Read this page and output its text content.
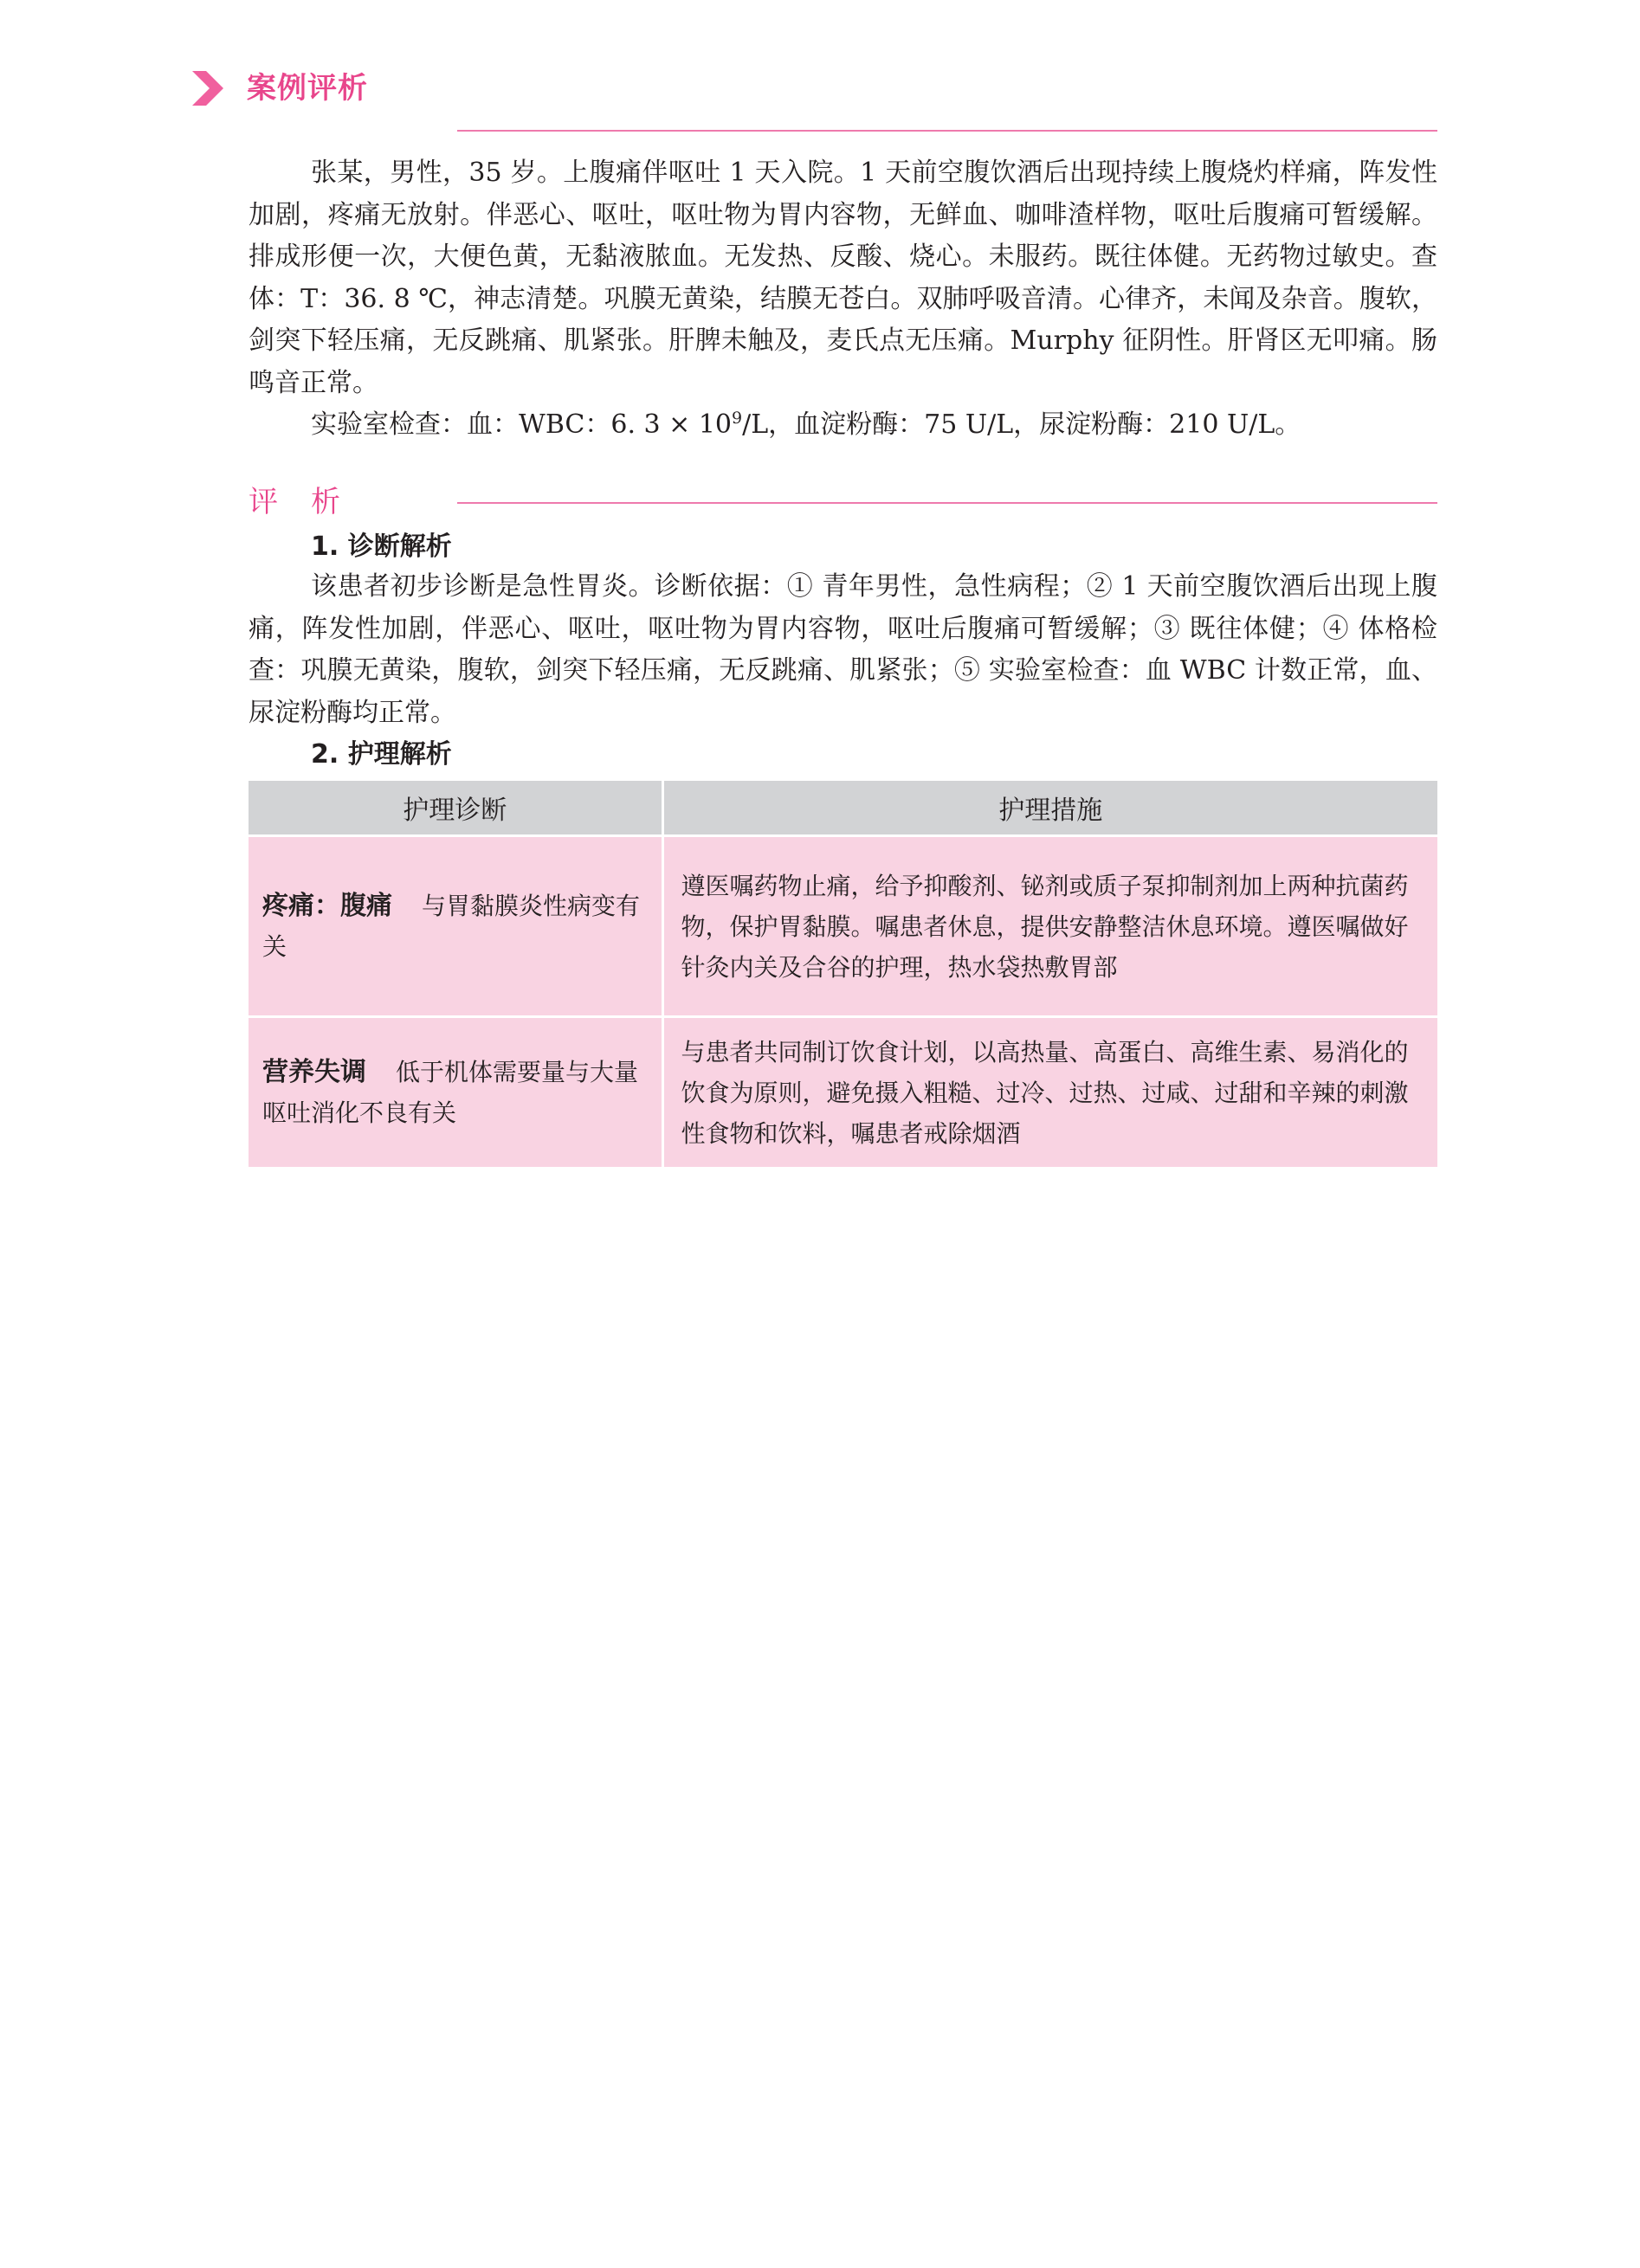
案例评析

张某，男性，35 岁。上腹痛伴呕吐 1 天入院。1 天前空腹饮酒后出现持续上腹烧灼样痛，阵发性加剧，疼痛无放射。伴恶心、呕吐，呕吐物为胃内容物，无鲜血、咖啡渣样物，呕吐后腹痛可暂缓解。排成形便一次，大便色黄，无黏液脓血。无发热、反酸、烧心。未服药。既往体健。无药物过敏史。查体：T：36. 8 ℃，神志清楚。巩膜无黄染，结膜无苍白。双肺呼吸音清。心律齐，未闻及杂音。腹软，剑突下轻压痛，无反跳痛、肌紧张。肝脾未触及，麦氏点无压痛。Murphy 征阴性。肝肾区无叩痛。肠鸣音正常。

实验室检查：血：WBC：6. $3 \times 10^9/L$，血淀粉酶：75 U/L，尿淀粉酶：210 U/L。

评析
1. 诊断解析

该患者初步诊断是急性胃炎。诊断依据：① 青年男性，急性病程；② 1 天前空腹饮酒后出现上腹痛，阵发性加剧，伴恶心、呕吐，呕吐物为胃内容物，呕吐后腹痛可暂缓解；③ 既往体健；④ 体格检查：巩膜无黄染，腹软，剑突下轻压痛，无反跳痛、肌紧张；⑤ 实验室检查：血 WBC 计数正常，血、尿淀粉酶均正常。

2. 护理解析
护理诊断	护理措施
疼痛：腹痛 与胃黏膜炎性病变有关	遵医嘱药物止痛，给予抑酸剂、铋剂或质子泵抑制剂加上两种抗菌药物，保护胃黏膜。嘱患者休息，提供安静整洁休息环境。遵医嘱做好针灸内关及合谷的护理，热水袋热敷胃部
营养失调 低于机体需要量与大量呕吐消化不良有关	与患者共同制订饮食计划，以高热量、高蛋白、高维生素、易消化的饮食为原则，避免摄入粗糙、过冷、过热、过咸、过甜和辛辣的刺激性食物和饮料，嘱患者戒除烟酒
